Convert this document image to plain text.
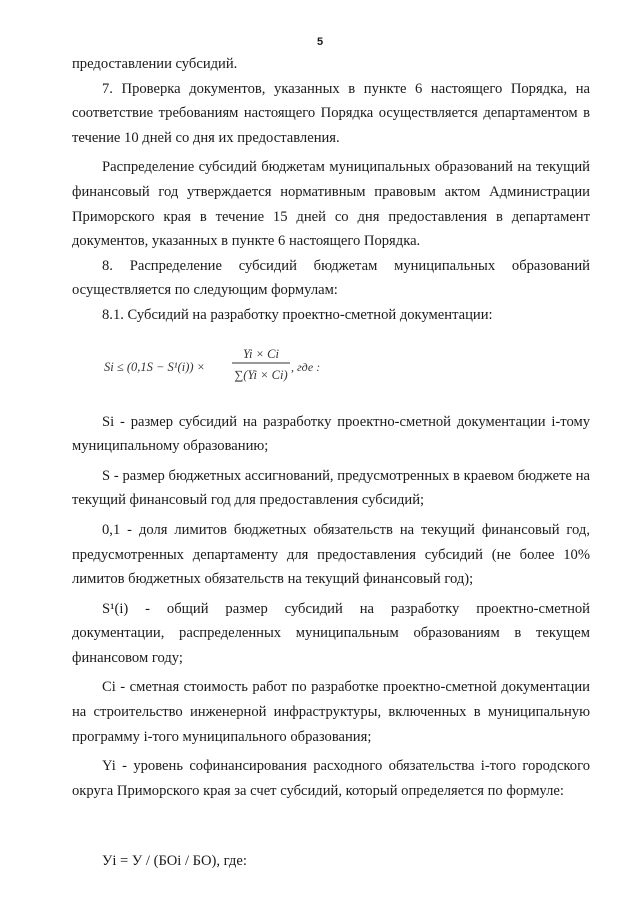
5

предоставлении субсидий.

7. Проверка документов, указанных в пункте 6 настоящего Порядка, на соответствие требованиям настоящего Порядка осуществляется департаментом в течение 10 дней со дня их предоставления.

Распределение субсидий бюджетам муниципальных образований на текущий финансовый год утверждается нормативным правовым актом Администрации Приморского края в течение 15 дней со дня предоставления в департамент документов, указанных в пункте 6 настоящего Порядка.

8. Распределение субсидий бюджетам муниципальных образований осуществляется по следующим формулам:

8.1. Субсидий на разработку проектно-сметной документации:

Si ≤ (0,1S − S¹(i)) ×
Yi × Ci
∑(Yi × Ci)
, где :

Si - размер субсидий на разработку проектно-сметной документации i-тому муниципальному образованию;

S - размер бюджетных ассигнований, предусмотренных в краевом бюджете на текущий финансовый год для предоставления субсидий;

0,1 - доля лимитов бюджетных обязательств на текущий финансовый год, предусмотренных департаменту для предоставления субсидий (не более 10% лимитов бюджетных обязательств на текущий финансовый год);

S¹(i) - общий размер субсидий на разработку проектно-сметной документации, распределенных муниципальным образованиям в текущем финансовом году;

Ci - сметная стоимость работ по разработке проектно-сметной документации на строительство инженерной инфраструктуры, включенных в муниципальную программу i-того муниципального образования;

Yi - уровень софинансирования расходного обязательства i-того городского округа Приморского края за счет субсидий, который определяется по формуле:

Уi = У / (БОi / БО), где:
